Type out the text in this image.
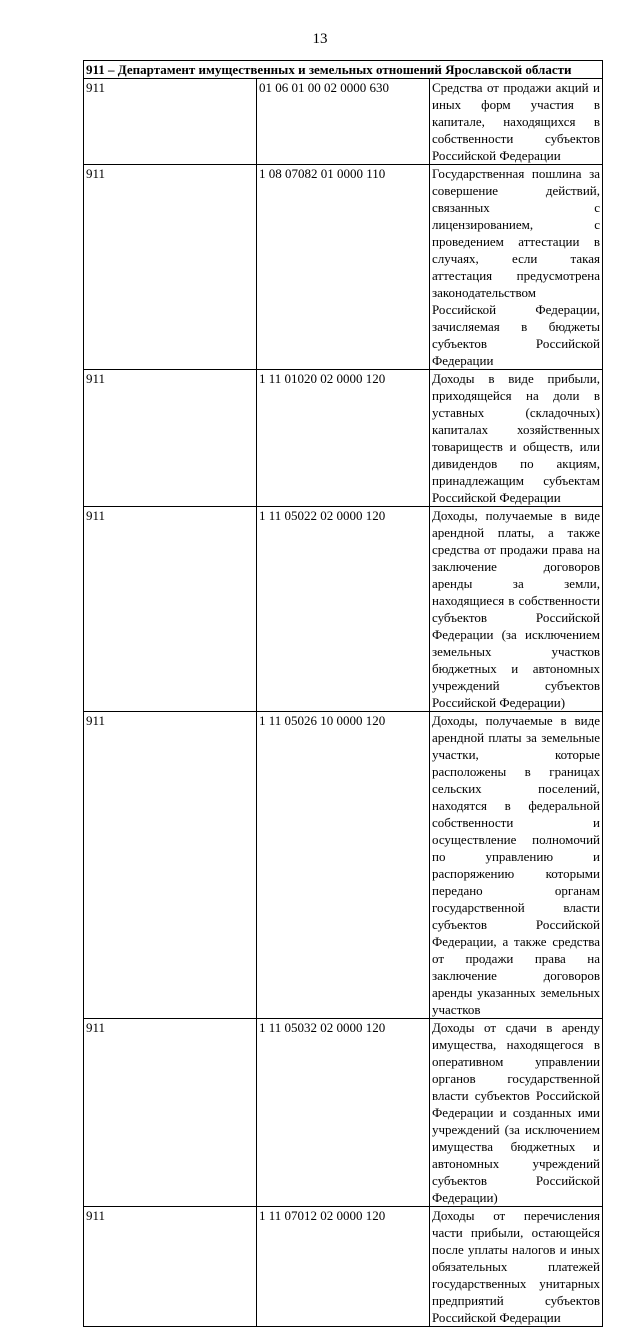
13
911 – Департамент имущественных и земельных отношений Ярославской области		
911	01 06 01 00 02 0000 630	Средства от продажи акций и иных форм участия в капитале, находящихся в собственности субъектов Российской Федерации
911	1 08 07082 01 0000 110	Государственная пошлина за совершение действий, связанных с лицензированием, с проведением аттестации в случаях, если такая аттестация предусмотрена законодательством Российской Федерации, зачисляемая в бюджеты субъектов Российской Федерации
911	1 11 01020 02 0000 120	Доходы в виде прибыли, приходящейся на доли в уставных (складочных) капиталах хозяйственных товариществ и обществ, или дивидендов по акциям, принадлежащим субъектам Российской Федерации
911	1 11 05022 02 0000 120	Доходы, получаемые в виде арендной платы, а также средства от продажи права на заключение договоров аренды за земли, находящиеся в собственности субъектов Российской Федерации (за исключением земельных участков бюджетных и автономных учреждений субъектов Российской Федерации)
911	1 11 05026 10 0000 120	Доходы, получаемые в виде арендной платы за земельные участки, которые расположены в границах сельских поселений, находятся в федеральной собственности и осуществление полномочий по управлению и распоряжению которыми передано органам государственной власти субъектов Российской Федерации, а также средства от продажи права на заключение договоров аренды указанных земельных участков
911	1 11 05032 02 0000 120	Доходы от сдачи в аренду имущества, находящегося в оперативном управлении органов государственной власти субъектов Российской Федерации и созданных ими учреждений (за исключением имущества бюджетных и автономных учреждений субъектов Российской Федерации)
911	1 11 07012 02 0000 120	Доходы от перечисления части прибыли, остающейся после уплаты налогов и иных обязательных платежей государственных унитарных предприятий субъектов Российской Федерации
